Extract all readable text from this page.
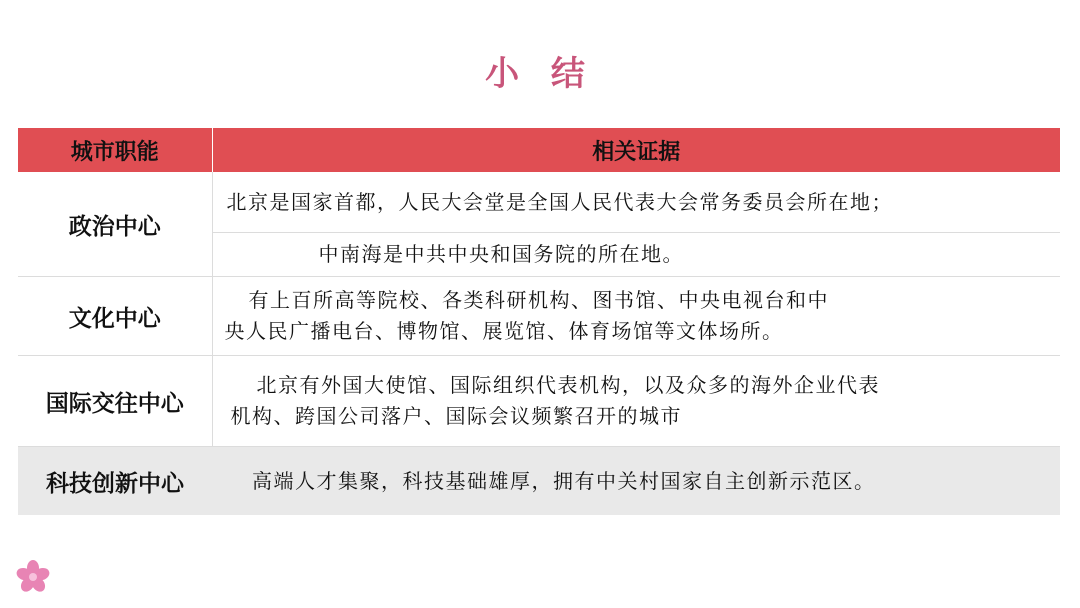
小 结
城市职能	相关证据
政治中心	北京是国家首都，人民大会堂是全国人民代表大会常务委员会所在地；
	中南海是中共中央和国务院的所在地。
文化中心	有上百所高等院校、各类科研机构、图书馆、中央电视台和中
央人民广播电台、博物馆、展览馆、体育场馆等文体场所。

国际交往中心	北京有外国大使馆、国际组织代表机构，以及众多的海外企业代表
机构、跨国公司落户、国际会议频繁召开的城市

科技创新中心	高端人才集聚，科技基础雄厚，拥有中关村国家自主创新示范区。
